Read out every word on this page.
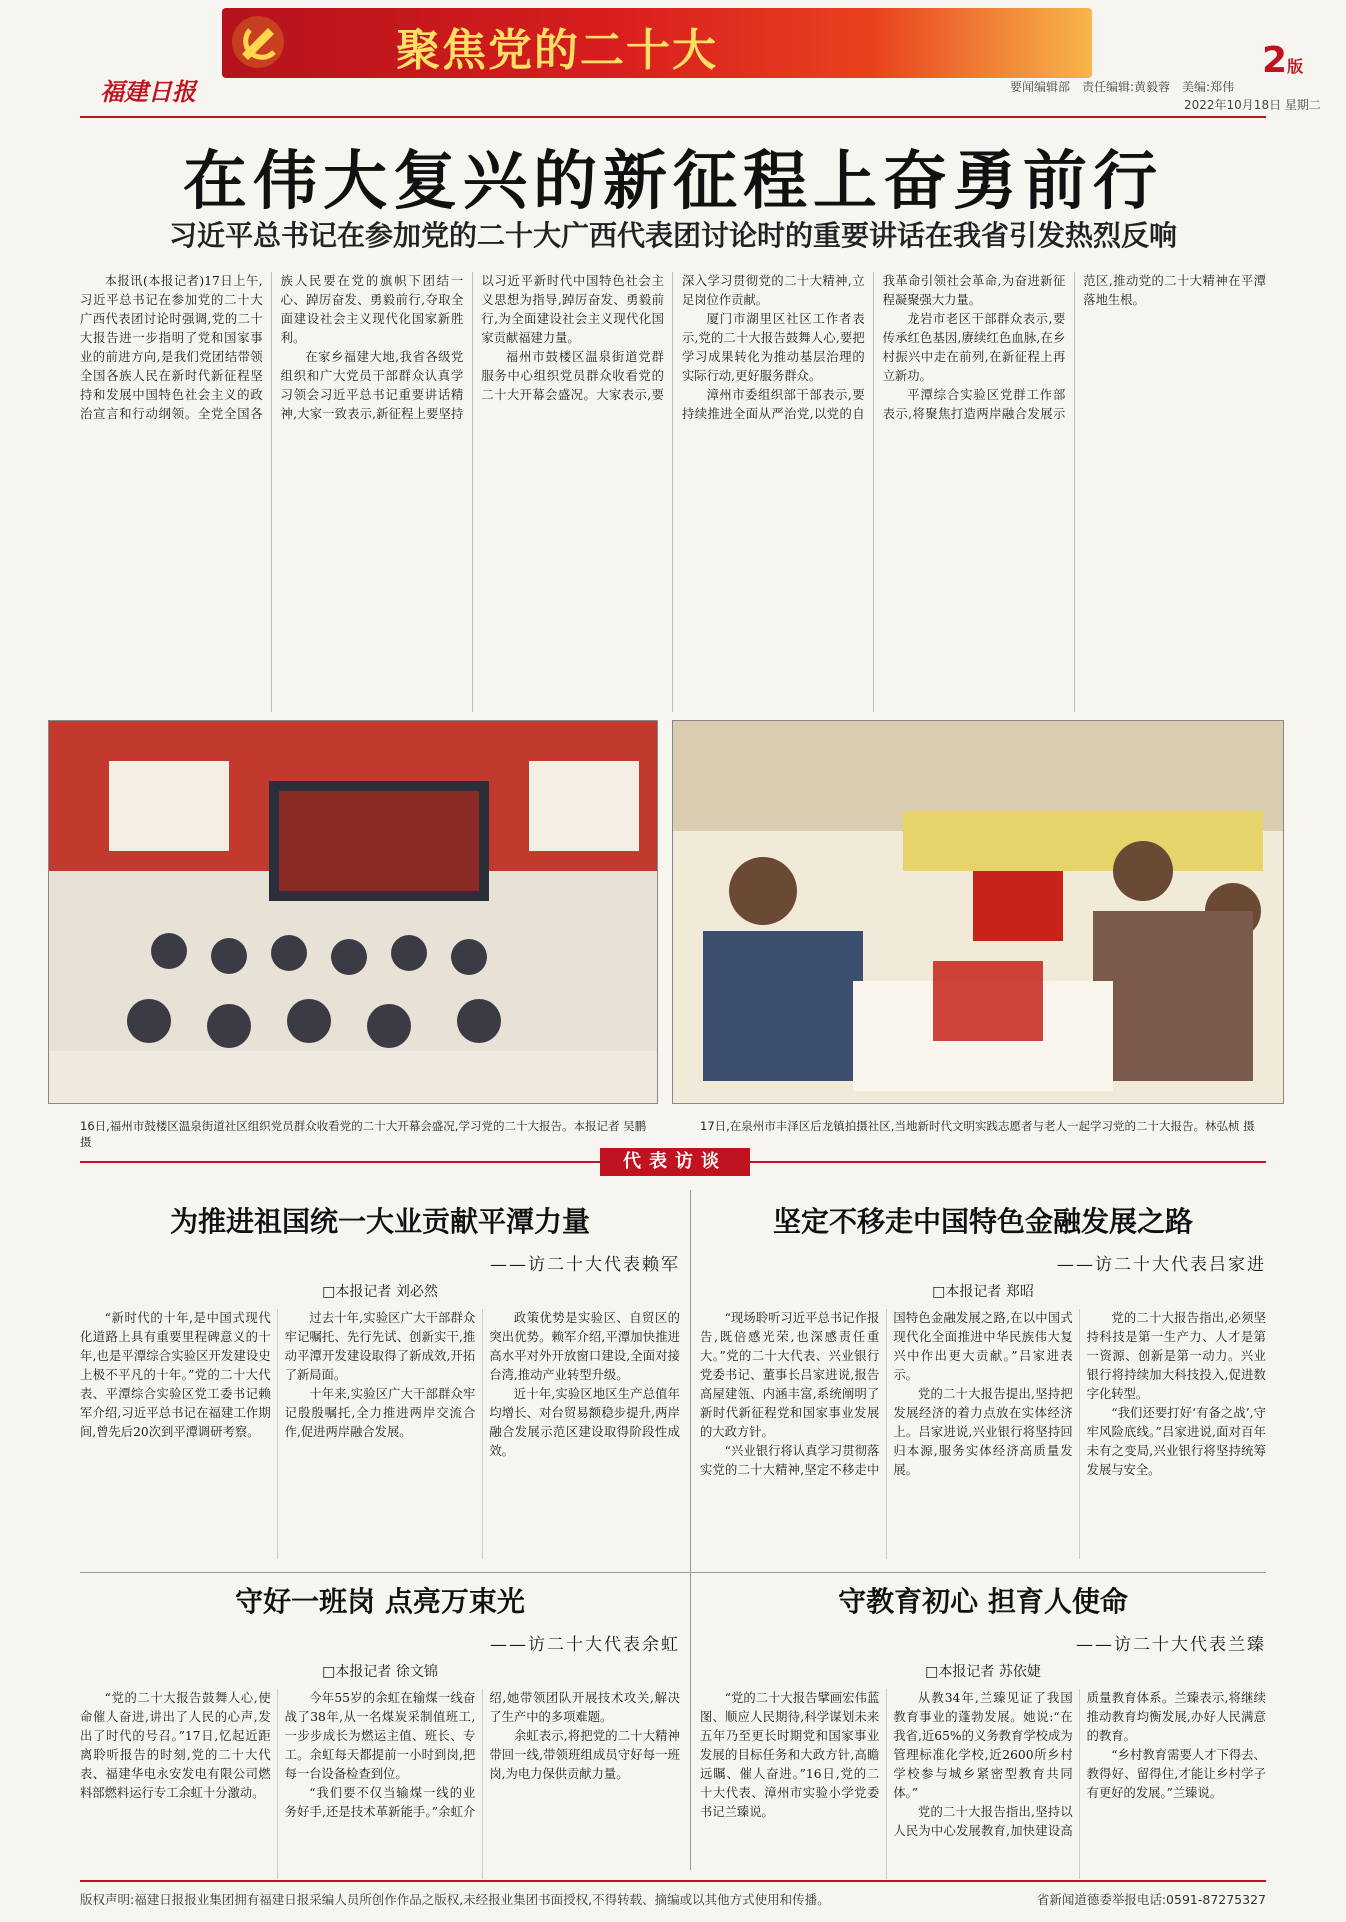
聚焦党的二十大
福建日报
2版
要闻编辑部　责任编辑:黄毅蓉　美编:郑伟
2022年10月18日 星期二
在伟大复兴的新征程上奋勇前行
习近平总书记在参加党的二十大广西代表团讨论时的重要讲话在我省引发热烈反响

本报讯(本报记者)17日上午,习近平总书记在参加党的二十大广西代表团讨论时强调,党的二十大报告进一步指明了党和国家事业的前进方向,是我们党团结带领全国各族人民在新时代新征程坚持和发展中国特色社会主义的政治宣言和行动纲领。全党全国各族人民要在党的旗帜下团结一心、踔厉奋发、勇毅前行,夺取全面建设社会主义现代化国家新胜利。

在家乡福建大地,我省各级党组织和广大党员干部群众认真学习领会习近平总书记重要讲话精神,大家一致表示,新征程上要坚持以习近平新时代中国特色社会主义思想为指导,踔厉奋发、勇毅前行,为全面建设社会主义现代化国家贡献福建力量。

福州市鼓楼区温泉街道党群服务中心组织党员群众收看党的二十大开幕会盛况。大家表示,要深入学习贯彻党的二十大精神,立足岗位作贡献。

厦门市湖里区社区工作者表示,党的二十大报告鼓舞人心,要把学习成果转化为推动基层治理的实际行动,更好服务群众。

漳州市委组织部干部表示,要持续推进全面从严治党,以党的自我革命引领社会革命,为奋进新征程凝聚强大力量。

龙岩市老区干部群众表示,要传承红色基因,赓续红色血脉,在乡村振兴中走在前列,在新征程上再立新功。

平潭综合实验区党群工作部表示,将聚焦打造两岸融合发展示范区,推动党的二十大精神在平潭落地生根。

16日,福州市鼓楼区温泉街道社区组织党员群众收看党的二十大开幕会盛况,学习党的二十大报告。本报记者 吴鹏 摄
17日,在泉州市丰泽区后龙镇拍摄社区,当地新时代文明实践志愿者与老人一起学习党的二十大报告。林弘桢 摄
代表访谈
为推进祖国统一大业贡献平潭力量
——访二十大代表赖军
□本报记者 刘必然

“新时代的十年,是中国式现代化道路上具有重要里程碑意义的十年,也是平潭综合实验区开发建设史上极不平凡的十年。”党的二十大代表、平潭综合实验区党工委书记赖军介绍,习近平总书记在福建工作期间,曾先后20次到平潭调研考察。

过去十年,实验区广大干部群众牢记嘱托、先行先试、创新实干,推动平潭开发建设取得了新成效,开拓了新局面。

十年来,实验区广大干部群众牢记殷殷嘱托,全力推进两岸交流合作,促进两岸融合发展。

政策优势是实验区、自贸区的突出优势。赖军介绍,平潭加快推进高水平对外开放窗口建设,全面对接台湾,推动产业转型升级。

近十年,实验区地区生产总值年均增长、对台贸易额稳步提升,两岸融合发展示范区建设取得阶段性成效。

坚定不移走中国特色金融发展之路
——访二十大代表吕家进
□本报记者 郑昭

“现场聆听习近平总书记作报告,既倍感光荣,也深感责任重大。”党的二十大代表、兴业银行党委书记、董事长吕家进说,报告高屋建瓴、内涵丰富,系统阐明了新时代新征程党和国家事业发展的大政方针。

“兴业银行将认真学习贯彻落实党的二十大精神,坚定不移走中国特色金融发展之路,在以中国式现代化全面推进中华民族伟大复兴中作出更大贡献。”吕家进表示。

党的二十大报告提出,坚持把发展经济的着力点放在实体经济上。吕家进说,兴业银行将坚持回归本源,服务实体经济高质量发展。

党的二十大报告指出,必须坚持科技是第一生产力、人才是第一资源、创新是第一动力。兴业银行将持续加大科技投入,促进数字化转型。

“我们还要打好‘有备之战’,守牢风险底线。”吕家进说,面对百年未有之变局,兴业银行将坚持统筹发展与安全。

守好一班岗 点亮万束光
——访二十大代表余虹
□本报记者 徐文锦

“党的二十大报告鼓舞人心,使命催人奋进,讲出了人民的心声,发出了时代的号召。”17日,忆起近距离聆听报告的时刻,党的二十大代表、福建华电永安发电有限公司燃料部燃料运行专工余虹十分激动。

今年55岁的余虹在输煤一线奋战了38年,从一名煤炭采制值班工,一步步成长为燃运主值、班长、专工。余虹每天都提前一小时到岗,把每一台设备检查到位。

“我们要不仅当输煤一线的业务好手,还是技术革新能手。”余虹介绍,她带领团队开展技术攻关,解决了生产中的多项难题。

余虹表示,将把党的二十大精神带回一线,带领班组成员守好每一班岗,为电力保供贡献力量。

守教育初心 担育人使命
——访二十大代表兰臻
□本报记者 苏依婕

“党的二十大报告擘画宏伟蓝图、顺应人民期待,科学谋划未来五年乃至更长时期党和国家事业发展的目标任务和大政方针,高瞻远瞩、催人奋进。”16日,党的二十大代表、漳州市实验小学党委书记兰臻说。

从教34年,兰臻见证了我国教育事业的蓬勃发展。她说:“在我省,近65%的义务教育学校成为管理标准化学校,近2600所乡村学校参与城乡紧密型教育共同体。”

党的二十大报告指出,坚持以人民为中心发展教育,加快建设高质量教育体系。兰臻表示,将继续推动教育均衡发展,办好人民满意的教育。

“乡村教育需要人才下得去、教得好、留得住,才能让乡村学子有更好的发展。”兰臻说。

版权声明:福建日报报业集团拥有福建日报采编人员所创作作品之版权,未经报业集团书面授权,不得转载、摘编或以其他方式使用和传播。	省新闻道德委举报电话:0591-87275327
